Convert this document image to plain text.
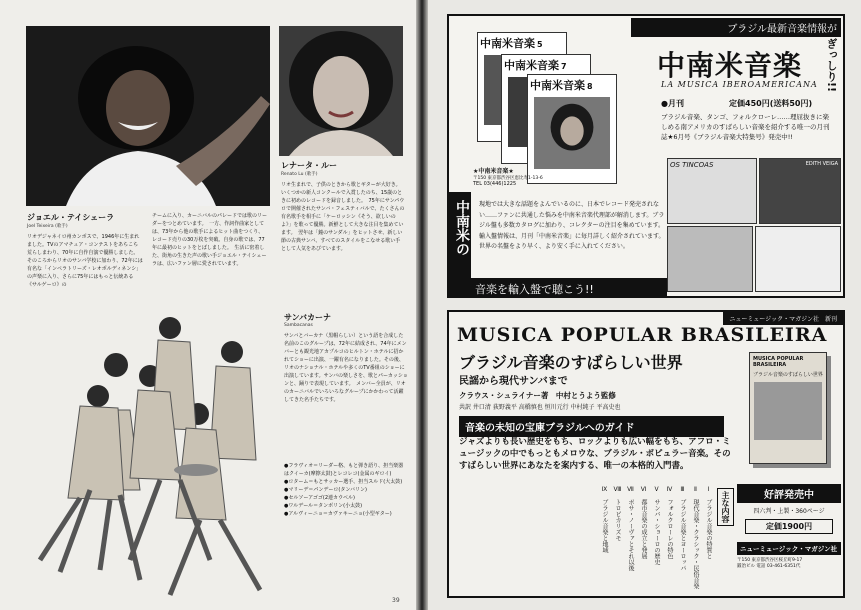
レナータ・ルー
Renato Lu (歌手)
リオ生まれで、子供のときから歌とギターが大好き。いくつかの新人コンクールで入賞したのち、15歳のときに初めのレコードを録音しました。　75年にサンパウロで開催されたサンバ・フェスティバルで、たくさんの有名歌手を相手に「ケーロッシン《そう、欲しいのよ》」を歌って優勝。新鮮として大きな注目を集めています。　翌年は「鐘のサンダル」をヒットさせ、新しい節の古典サンバ、すべてのスタイルをこなせる歌い手として人気をあびています。
ジョエル・テイシェーラ
Joel Teixeira (歌手)
リオデジャネイロ州カンポスで、1946年に生まれました。TVのアマチュア・コンテストをあちこち荒らしまわり、70年に自作自演で優勝しました。そのころからリオのサンバ学校に加わり、72年には有名な「インペラトリーズ・レオポルディネンシ」の声楽に入り、さらに75年にはもっと伝統ある《サルゲーロ》の
チームに入り、カーニバルのパレードでは歌のリーダーをつとめています。　一方、作詞作曲家としては、73年から他の歌手によるヒット曲をつくり、レコード売りの30万枚を突破。自身の歌では、77年に最初のヒットをとばしました。　生活に密着した、街角の生きた声の歌い手ジョエル・テイシェーラは、広いファン層に愛されています。
サンバカーナ
Sambacanas
サンバとバーカナ（黒帽らしい）という語を合成した名前のこのグループは、72年に結成され、74年にメンバーとも観光地アカプルコのヒルトン・ホテルに招かれてショーに出演、一躍有名になりました。その後、リオのナショナル・ホテルや多くのTV番組のショーに出演しています。サンバの楽しさを、歌とパーカッションと、踊りで表現しています。　メンバー全員が、リオのカーニバルでいろいろなグループにかかわって活躍してきた名手たちです。
●フラヴィオ＝リーダー格、もと弾き語り、担当楽器はクイーカ(摩擦太鼓)とレコレコ(金属のギロイ)
●ロターム＝もとサッカー選手、担当スルド(大太鼓)
●マリーデ＝パンデーロ(タンバリン)
●セルソーアゴゴ(2連カウベル)
●ワルデール＝タンボリン(小太鼓)
●アルヴィーニョ＝カヴァキーニョ(小型ギター)
39
ブラジル最新音楽情報が
ぎっしり!!
中南米音楽 5
中南米音楽 7
中南米音楽 8
中南米音楽
LA MUSICA IBEROAMERICANA
●月刊	定価450円(送料50円)
ブラジル音楽、タンゴ、フォルクローレ……理屈抜きに楽しめる南アメリカのすばらしい音楽を紹介する唯一の月刊誌★6月号《ブラジル音楽大特集号》発売中!!
★中南米音楽★
〒150 東京都渋谷区恵比寿1-13-6
TEL 03(446)1225
OS TINCOAS	EDITH VEIGA
中南米の	現地では大きな話題をよんでいるのに、日本でレコード発売されない……ファンに共通した悩みを中南米音楽代理部が解消します。ブラジル盤も多数カタログに加わり、コレクターの注目を集めています。輸入盤情報は、月刊「中南米音楽」に毎月詳しく紹介されています。世界の名盤をより早く、より安く手に入れてください。
音楽を輸入盤で聴こう!!
ニューミュージック・マガジン社　新刊
MUSICA POPULAR BRASILEIRA
ブラジル音楽のすばらしい世界
民謡から現代サンバまで
クラウス・シュライナー著　中村とうよう監修
共訳 井口清 荻野義平 高橋慎也 恒川元行 中村純子 平高史也
音楽の未知の宝庫ブラジルへのガイド
ジャズよりも長い歴史をもち、ロックよりも広い幅をもち、アフロ・ミュージックの中でもっともメロウな、ブラジル・ポピュラー音楽。そのすばらしい世界にあなたを案内する、唯一の本格的入門書。
MUSICA POPULAR BRASILEIRA
ブラジル音楽のすばらしい世界
Ⅰ　ブラジル音楽の特質と
Ⅱ　現代音楽・クラシック・民俗音楽
Ⅲ　ブラジル音楽とヨーロッパ
Ⅳ　フォルクローレの特色
Ⅴ　サンバ・ショーロの歴史
Ⅵ　都市音楽の成立と発展
Ⅶ　ボサ・ノーヴァとそれ以後
Ⅷ　トロピカリズモ
Ⅸ　ブラジル音楽と地域	主な内容	好評発売中
四六判・上製・360ページ
定価1900円
ニューミュージック・マガジン社
〒150 東京都渋谷区桜丘町9-17
鍛冶ビル 電話 03-461-6351代
